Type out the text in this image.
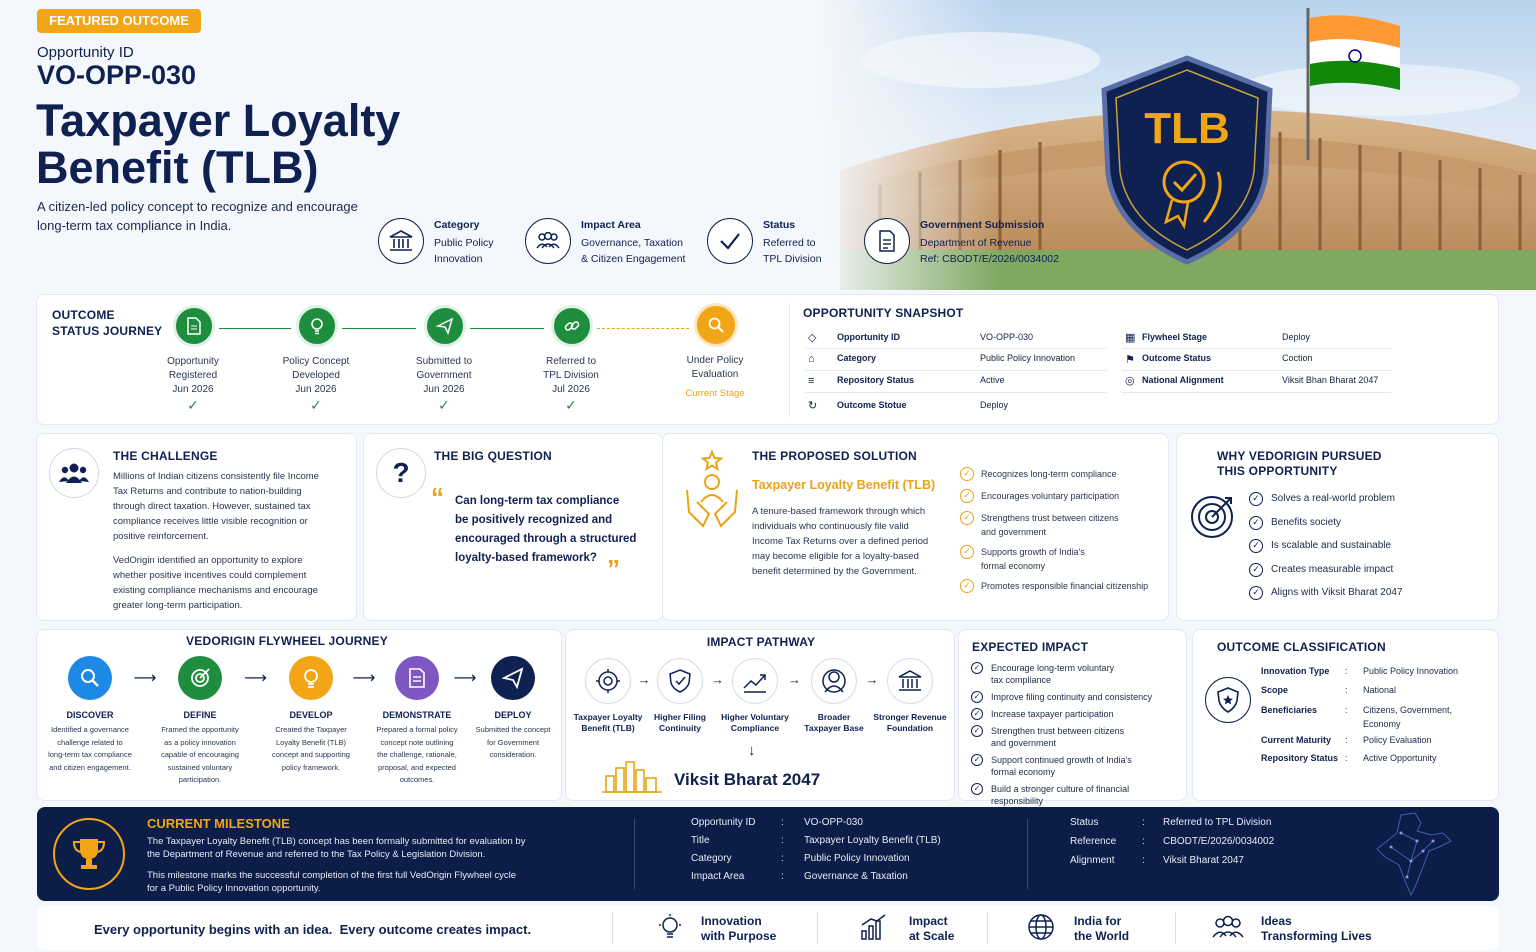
TLB
FEATURED OUTCOME
Opportunity ID
VO-OPP-030
Taxpayer Loyalty
Benefit (TLB)
A citizen-led policy concept to recognize and encourage
long-term tax compliance in India.	Category
Public Policy
Innovation
Impact Area
Governance, Taxation
& Citizen Engagement
Status
Referred to
TPL Division
Government Submission
Department of Revenue
Ref: CBODT/E/2026/0034002
OUTCOME
STATUS JOURNEY
Opportunity
Registered
Jun 2026
✓
Policy Concept
Developed
Jun 2026
✓
Submitted to
Government
Jun 2026
✓
Referred to
TPL Division
Jul 2026
✓
Under Policy
Evaluation
Current Stage
OPPORTUNITY SNAPSHOT
◇ Opportunity ID	VO-OPP-030
⌂ Category	Public Policy Innovation
≡	Repository Status	Active
↻ Outcome Stotue	Deploy
▦ Flywheel Stage	Deploy
⚑ Outcome Status	Coction
◎ National Alignment	Viksit Bhan Bharat 2047
THE CHALLENGE
Millions of Indian citizens consistently file Income
Tax Returns and contribute to nation-building
through direct taxation. However, sustained tax
compliance receives little visible recognition or
positive reinforcement.
VedOrigin identified an opportunity to explore
whether positive incentives could complement
existing compliance mechanisms and encourage
greater long-term participation.
?
THE BIG QUESTION
“ Can long-term tax compliance
be positively recognized and
encouraged through a structured
loyalty-based framework? ”
THE PROPOSED SOLUTION
Taxpayer Loyalty Benefit (TLB)
A tenure-based framework through which
individuals who continuously file valid
Income Tax Returns over a defined period
may become eligible for a loyalty-based
benefit determined by the Government.
✓	Recognizes long-term compliance
✓	Encourages voluntary participation
✓	Strengthens trust between citizens
and government
✓	Supports growth of India's
formal economy
✓	Promotes responsible financial citizenship
WHY VEDORIGIN PURSUED
THIS OPPORTUNITY
✓	Solves a real-world problem
✓	Benefits society
✓	Is scalable and sustainable
✓	Creates measurable impact
✓	Aligns with Viksit Bharat 2047
VEDORIGIN FLYWHEEL JOURNEY
DISCOVER
Identified a governance
challenge related to
long-term tax compliance
and citizen engagement.
⟶
DEFINE
Framed the opportunity
as a policy innovation
capable of encouraging
sustained voluntary
participation.
⟶
DEVELOP
Created the Taxpayer
Loyalty Benefit (TLB)
concept and supporting
policy framework.
⟶
DEMONSTRATE
Prepared a formal policy
concept note outlining
the challenge, rationale,
proposal, and expected
outcomes.
⟶
DEPLOY
Submitted the concept
for Government
consideration.
IMPACT PATHWAY
Taxpayer Loyalty
Benefit (TLB)
→
Higher Filing
Continuity
→
Higher Voluntary
Compliance
→
Broader
Taxpayer Base
→
Stronger Revenue
Foundation
↓
Viksit Bharat 2047
EXPECTED IMPACT
✓ Encourage long-term voluntary
tax compliance
✓ Improve filing continuity and consistency
✓ Increase taxpayer participation
✓ Strengthen trust between citizens
and government
✓ Support continued growth of India's
formal economy
✓ Build a stronger culture of financial
responsibility
OUTCOME CLASSIFICATION
Innovation Type : Public Policy Innovation
Scope	: National
Beneficiaries	: Citizens, Government,
Economy
Current Maturity : Policy Evaluation
Repository Status : Active Opportunity
CURRENT MILESTONE
The Taxpayer Loyalty Benefit (TLB) concept has been formally submitted for evaluation by
the Department of Revenue and referred to the Tax Policy & Legislation Division.
This milestone marks the successful completion of the first full VedOrigin Flywheel cycle
for a Public Policy Innovation opportunity.
Opportunity ID	: VO-OPP-030
Title	: Taxpayer Loyalty Benefit (TLB)
Category	: Public Policy Innovation
Impact Area	: Governance & Taxation
Status	: Referred to TPL Division
Reference	: CBODT/E/2026/0034002
Alignment	: Viksit Bharat 2047
Every opportunity begins with an idea.  Every outcome creates impact.
Innovation
with Purpose
Impact
at Scale
India for
the World
Ideas
Transforming Lives
